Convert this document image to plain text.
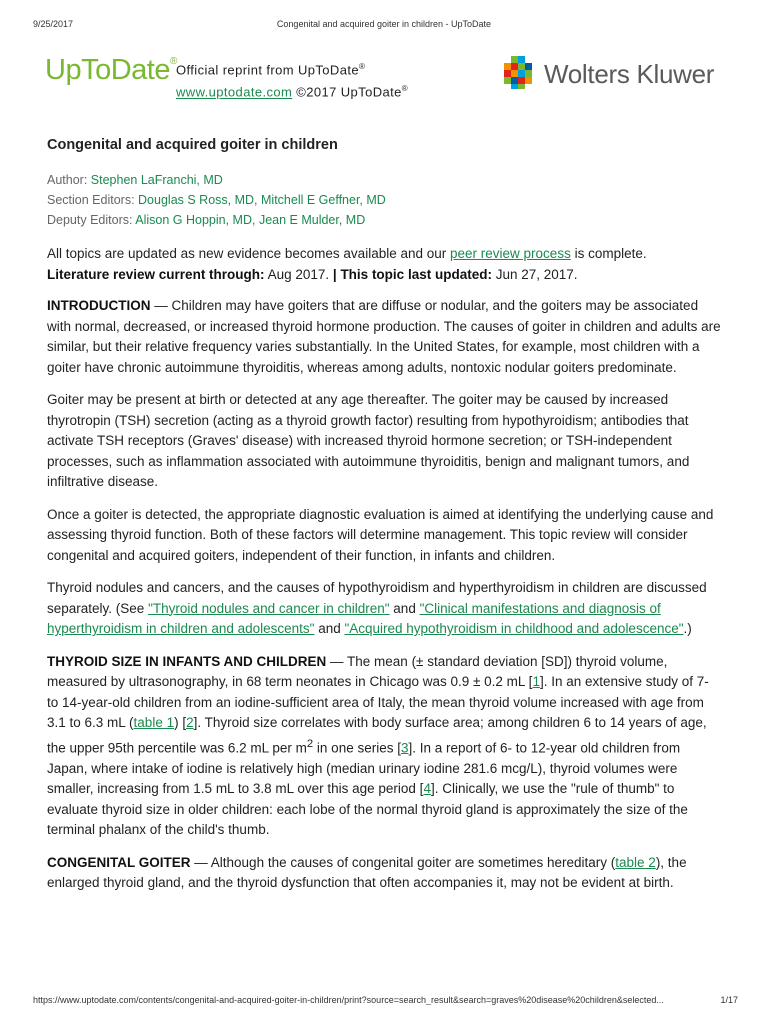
9/25/2017	Congenital and acquired goiter in children - UpToDate
UpToDate®
Official reprint from UpToDate®
www.uptodate.com ©2017 UpToDate®	Wolters Kluwer
Congenital and acquired goiter in children
Author: Stephen LaFranchi, MD
Section Editors: Douglas S Ross, MD, Mitchell E Geffner, MD
Deputy Editors: Alison G Hoppin, MD, Jean E Mulder, MD

All topics are updated as new evidence becomes available and our peer review process is complete.
Literature review current through: Aug 2017. | This topic last updated: Jun 27, 2017.

INTRODUCTION — Children may have goiters that are diffuse or nodular, and the goiters may be associated with normal, decreased, or increased thyroid hormone production. The causes of goiter in children and adults are similar, but their relative frequency varies substantially. In the United States, for example, most children with a goiter have chronic autoimmune thyroiditis, whereas among adults, nontoxic nodular goiters predominate.

Goiter may be present at birth or detected at any age thereafter. The goiter may be caused by increased thyrotropin (TSH) secretion (acting as a thyroid growth factor) resulting from hypothyroidism; antibodies that activate TSH receptors (Graves' disease) with increased thyroid hormone secretion; or TSH-independent processes, such as inflammation associated with autoimmune thyroiditis, benign and malignant tumors, and infiltrative disease.

Once a goiter is detected, the appropriate diagnostic evaluation is aimed at identifying the underlying cause and assessing thyroid function. Both of these factors will determine management. This topic review will consider congenital and acquired goiters, independent of their function, in infants and children.

Thyroid nodules and cancers, and the causes of hypothyroidism and hyperthyroidism in children are discussed separately. (See "Thyroid nodules and cancer in children" and "Clinical manifestations and diagnosis of hyperthyroidism in children and adolescents" and "Acquired hypothyroidism in childhood and adolescence".)

THYROID SIZE IN INFANTS AND CHILDREN — The mean (± standard deviation [SD]) thyroid volume, measured by ultrasonography, in 68 term neonates in Chicago was 0.9 ± 0.2 mL [1]. In an extensive study of 7- to 14-year-old children from an iodine-sufficient area of Italy, the mean thyroid volume increased with age from 3.1 to 6.3 mL (table 1) [2]. Thyroid size correlates with body surface area; among children 6 to 14 years of age, the upper 95th percentile was 6.2 mL per $m^2$ in one series [3]. In a report of 6- to 12-year old children from Japan, where intake of iodine is relatively high (median urinary iodine 281.6 mcg/L), thyroid volumes were smaller, increasing from 1.5 mL to 3.8 mL over this age period [4]. Clinically, we use the "rule of thumb" to evaluate thyroid size in older children: each lobe of the normal thyroid gland is approximately the size of the terminal phalanx of the child's thumb.

CONGENITAL GOITER — Although the causes of congenital goiter are sometimes hereditary (table 2), the enlarged thyroid gland, and the thyroid dysfunction that often accompanies it, may not be evident at birth.

https://www.uptodate.com/contents/congenital-and-acquired-goiter-in-children/print?source=search_result&search=graves%20disease%20children&selected...	1/17
